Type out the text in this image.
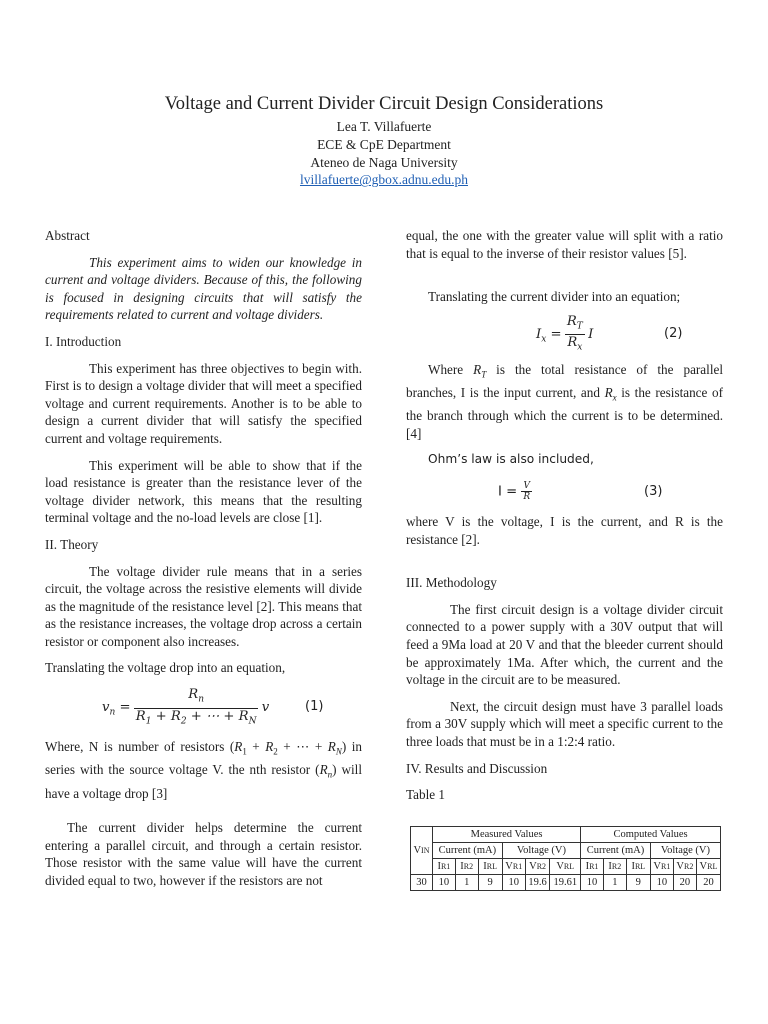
Voltage and Current Divider Circuit Design Considerations
Lea T. Villafuerte
ECE & CpE Department
Ateneo de Naga University
lvillafuerte@gbox.adnu.edu.ph

Abstract

This experiment aims to widen our knowledge in current and voltage dividers. Because of this, the following is focused in designing circuits that will satisfy the requirements related to current and voltage dividers.

I. Introduction

This experiment has three objectives to begin with. First is to design a voltage divider that will meet a specified voltage and current requirements. Another is to be able to design a current divider that will satisfy the specified current and voltage requirements.

This experiment will be able to show that if the load resistance is greater than the resistance lever of the voltage divider network, this means that the resulting terminal voltage and the no-load levels are close [1].

II. Theory

The voltage divider rule means that in a series circuit, the voltage across the resistive elements will divide as the magnitude of the resistance level [2]. This means that as the resistance increases, the voltage drop across a certain resistor or component also increases.

Translating the voltage drop into an equation,

$v_n = \frac{R_n}{R_1 + R_2 + \cdots + R_N}$ v	(1)

Where, N is number of resistors ($R_1 + R_2$ + ⋯ + $R_N$) in series with the source voltage V. the nth resistor $(R_n)$ will have a voltage drop [3]

The current divider helps determine the current entering a parallel circuit, and through a certain resistor. Those resistor with the same value will have the current divided equal to two, however if the resistors are not

equal, the one with the greater value will split with a ratio that is equal to the inverse of their resistor values [5].

Translating the current divider into an equation;

$I_x = \frac{R_T}{R_x}$ I	(2)

Where $R_T$ is the total resistance of the parallel branches, I is the input current, and $R_x$ is the resistance of the branch through which the current is to be determined. [4]

Ohm’s law is also included,

$I = \frac{V}{R}$	(3)

where V is the voltage, I is the current, and R is the resistance [2].

III. Methodology

The first circuit design is a voltage divider circuit connected to a power supply with a 30V output that will feed a 9Ma load at 20 V and that the bleeder current should be approximately 1Ma. After which, the current and the voltage in the circuit are to be measured.

Next, the circuit design must have 3 parallel loads from a 30V supply which will meet a specific current to the three loads that must be in a 1:2:4 ratio.

IV. Results and Discussion

Table 1

VIN	Measured Values						Computed Values					
	Current (mA)			Voltage (V)			Current (mA)			Voltage (V)		
	IR1	IR2	IRL	VR1	VR2	VRL	IR1	IR2	IRL	VR1	VR2	VRL
30	10	1	9	10	19.6	19.61	10	1	9	10	20	20
